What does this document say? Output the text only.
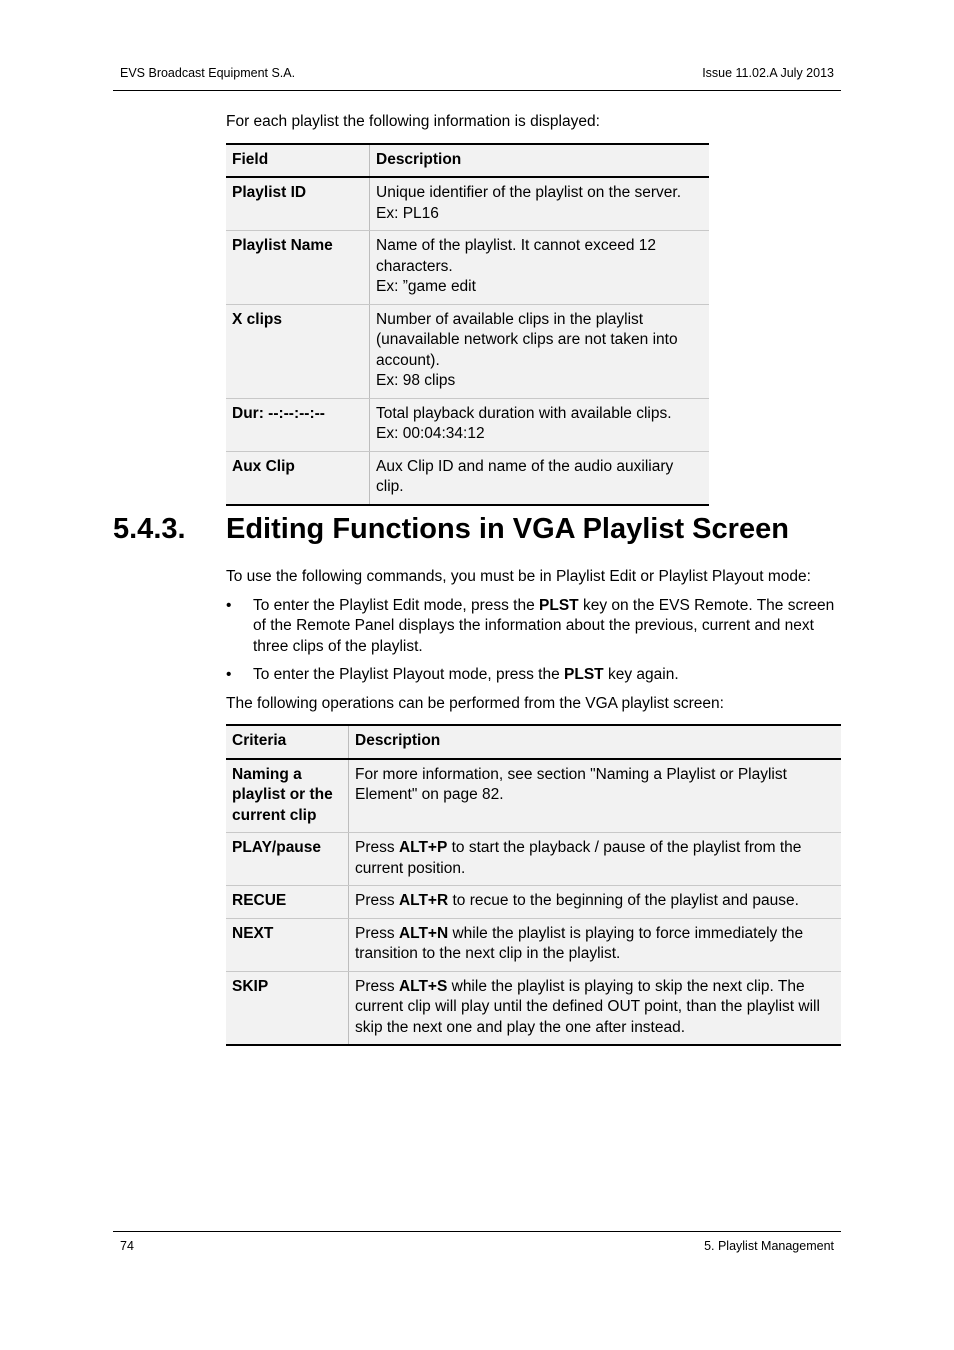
EVS Broadcast Equipment S.A.	Issue 11.02.A July 2013

For each playlist the following information is displayed:

Field	Description
Playlist ID	Unique identifier of the playlist on the server.
Ex: PL16

Playlist Name	Name of the playlist. It cannot exceed 12 characters.
Ex: ”game edit

X clips	Number of available clips in the playlist (unavailable network clips are not taken into account).
Ex: 98 clips

Dur: --:--:--:--	Total playback duration with available clips.
Ex: 00:04:34:12

Aux Clip	Aux Clip ID and name of the audio auxiliary clip.
5.4.3.	Editing Functions in VGA Playlist Screen

To use the following commands, you must be in Playlist Edit or Playlist Playout mode:

• To enter the Playlist Edit mode, press the PLST key on the EVS Remote. The screen of the Remote Panel displays the information about the previous, current and next three clips of the playlist.
• To enter the Playlist Playout mode, press the PLST key again.

The following operations can be performed from the VGA playlist screen:

Criteria	Description
Naming a playlist or the current clip	For more information, see section "Naming a Playlist or Playlist Element" on page 82.
PLAY/pause	Press ALT+P to start the playback / pause of the playlist from the current position.
RECUE	Press ALT+R to recue to the beginning of the playlist and pause.
NEXT	Press ALT+N while the playlist is playing to force immediately the transition to the next clip in the playlist.
SKIP	Press ALT+S while the playlist is playing to skip the next clip. The current clip will play until the defined OUT point, than the playlist will skip the next one and play the one after instead.
74	5. Playlist Management
